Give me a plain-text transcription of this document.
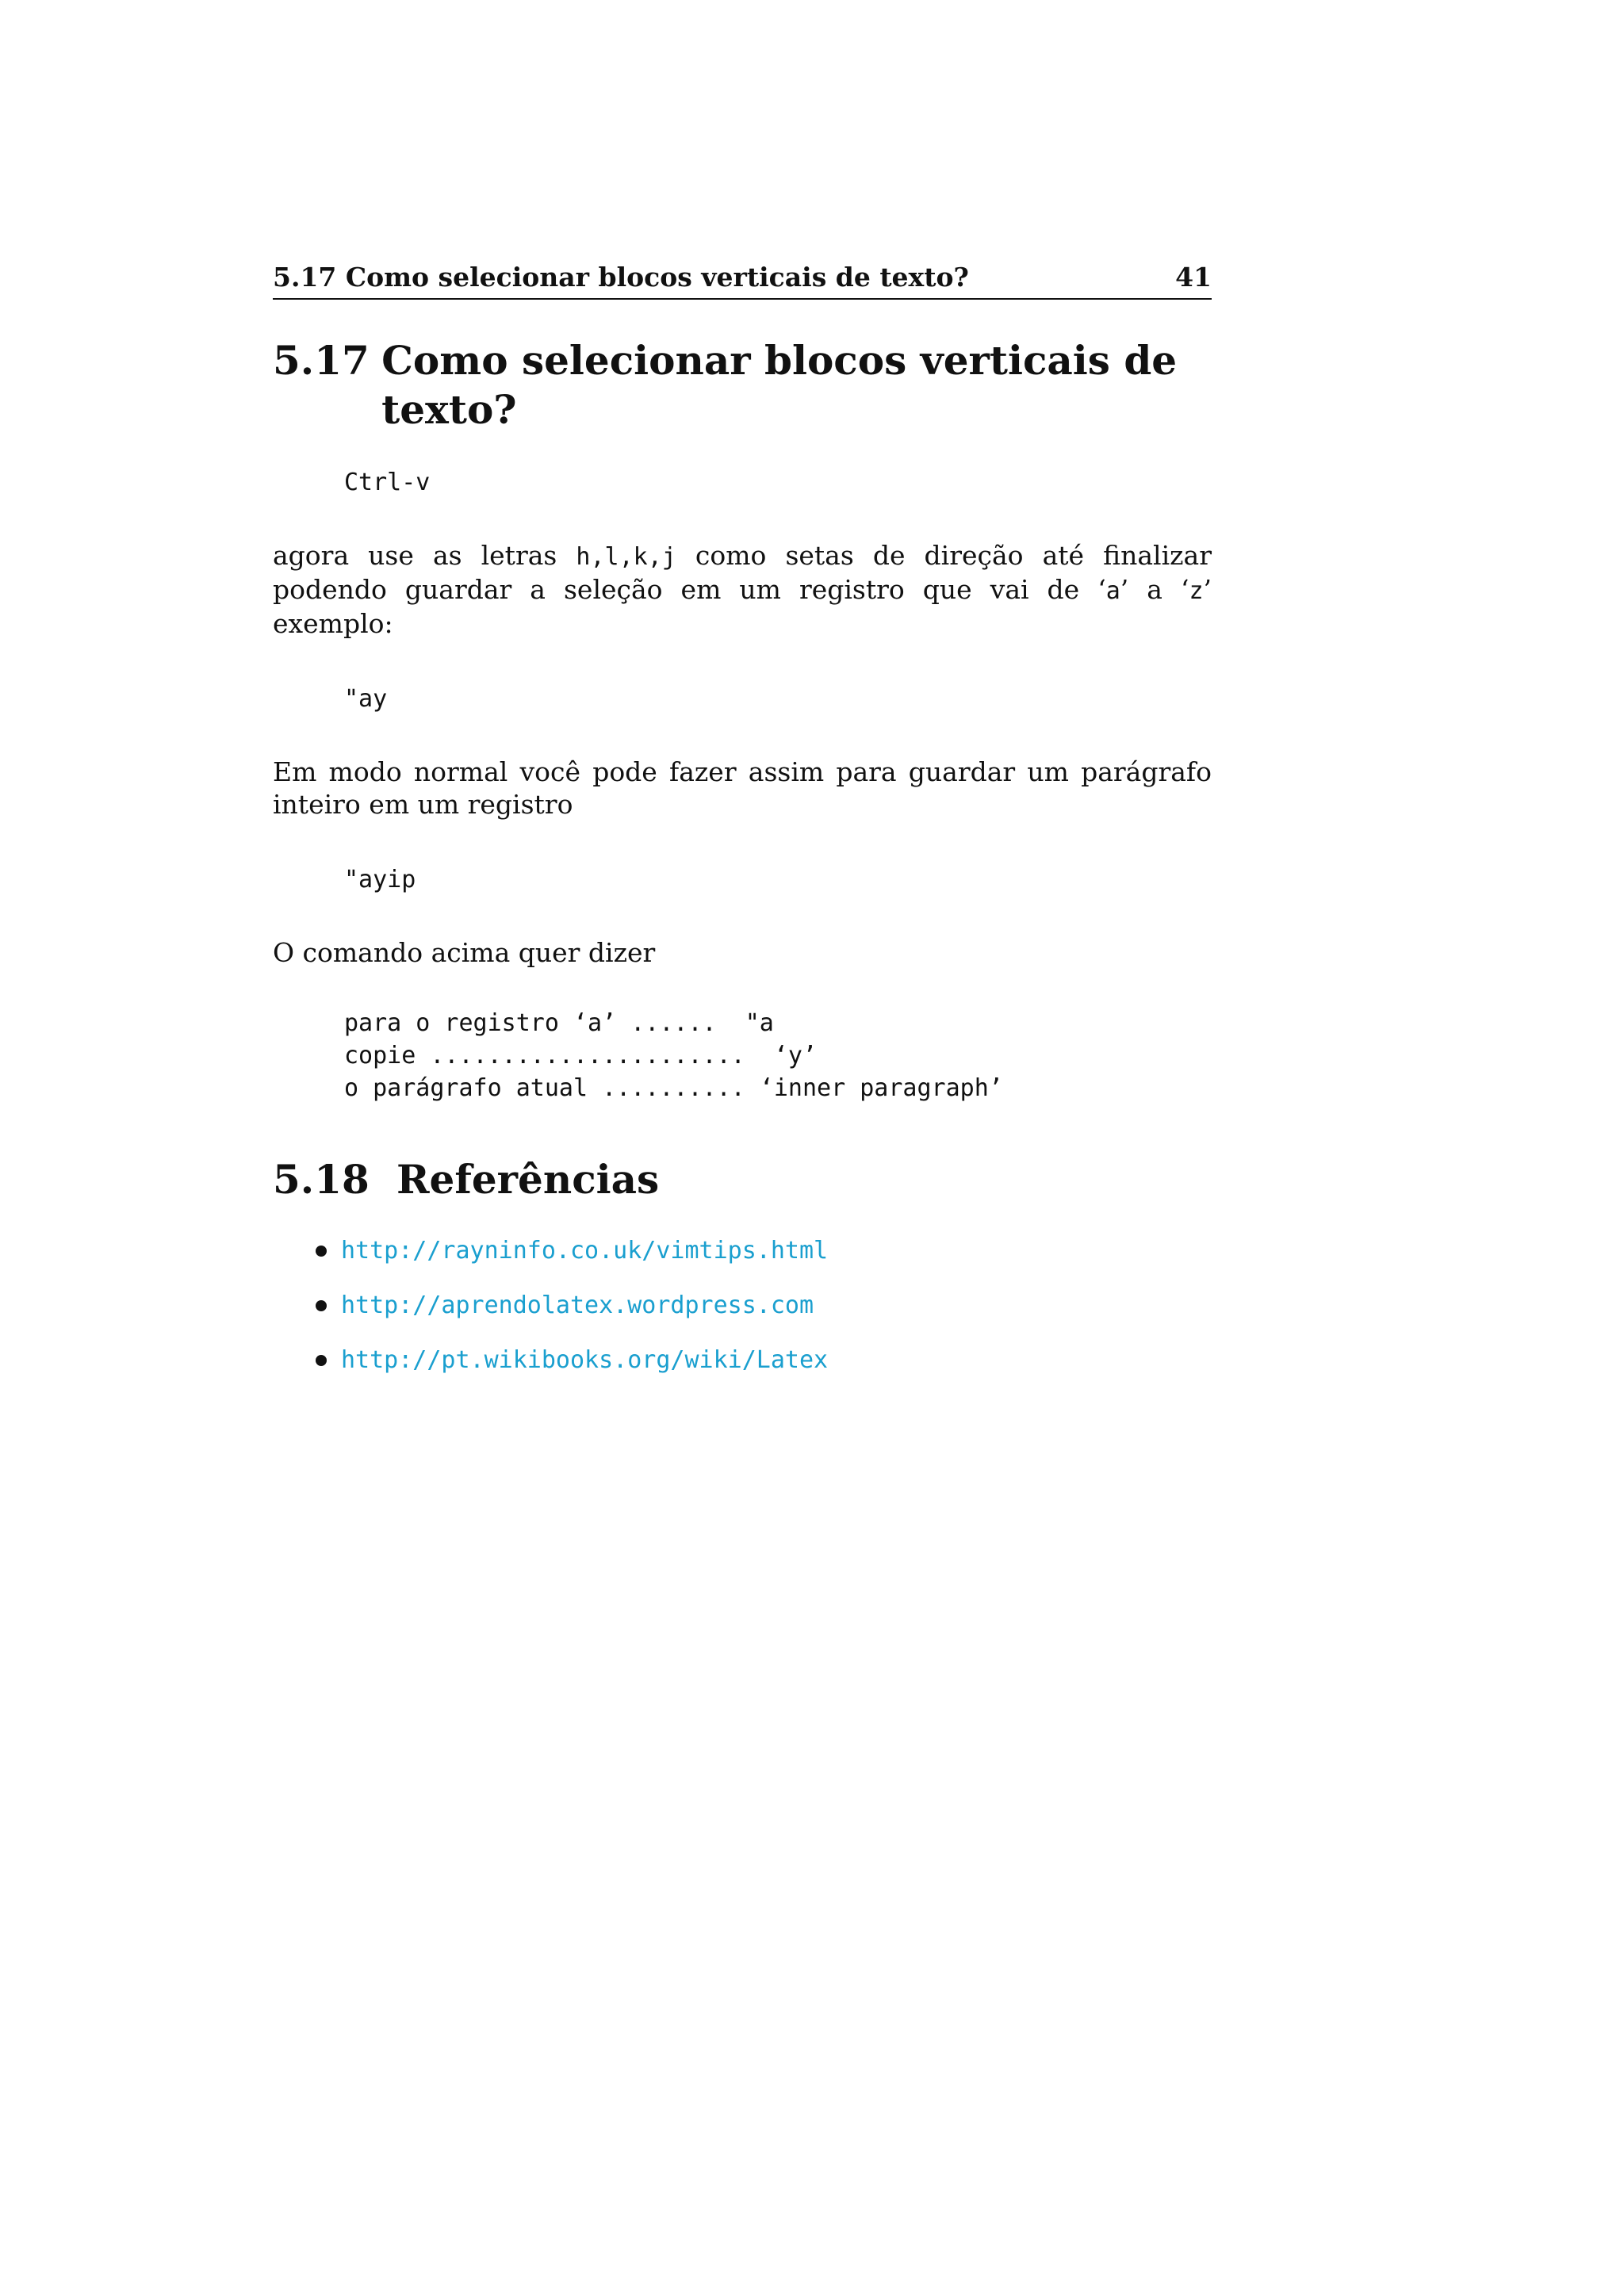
5.17 Como selecionar blocos verticais de texto?	41
5.17 Como selecionar blocos verticais de texto?
Ctrl-v

agora use as letras h,l,k,j como setas de direção até finalizar podendo guardar a seleção em um registro que vai de ‘a’ a ‘z’ exemplo:

"ay

Em modo normal você pode fazer assim para guardar um parágrafo inteiro em um registro

"ayip

O comando acima quer dizer

para o registro ‘a’ ......  "a
copie ......................  ‘y’
o parágrafo atual .......... ‘inner paragraph’
5.18 Referências
http://rayninfo.co.uk/vimtips.html
http://aprendolatex.wordpress.com
http://pt.wikibooks.org/wiki/Latex
